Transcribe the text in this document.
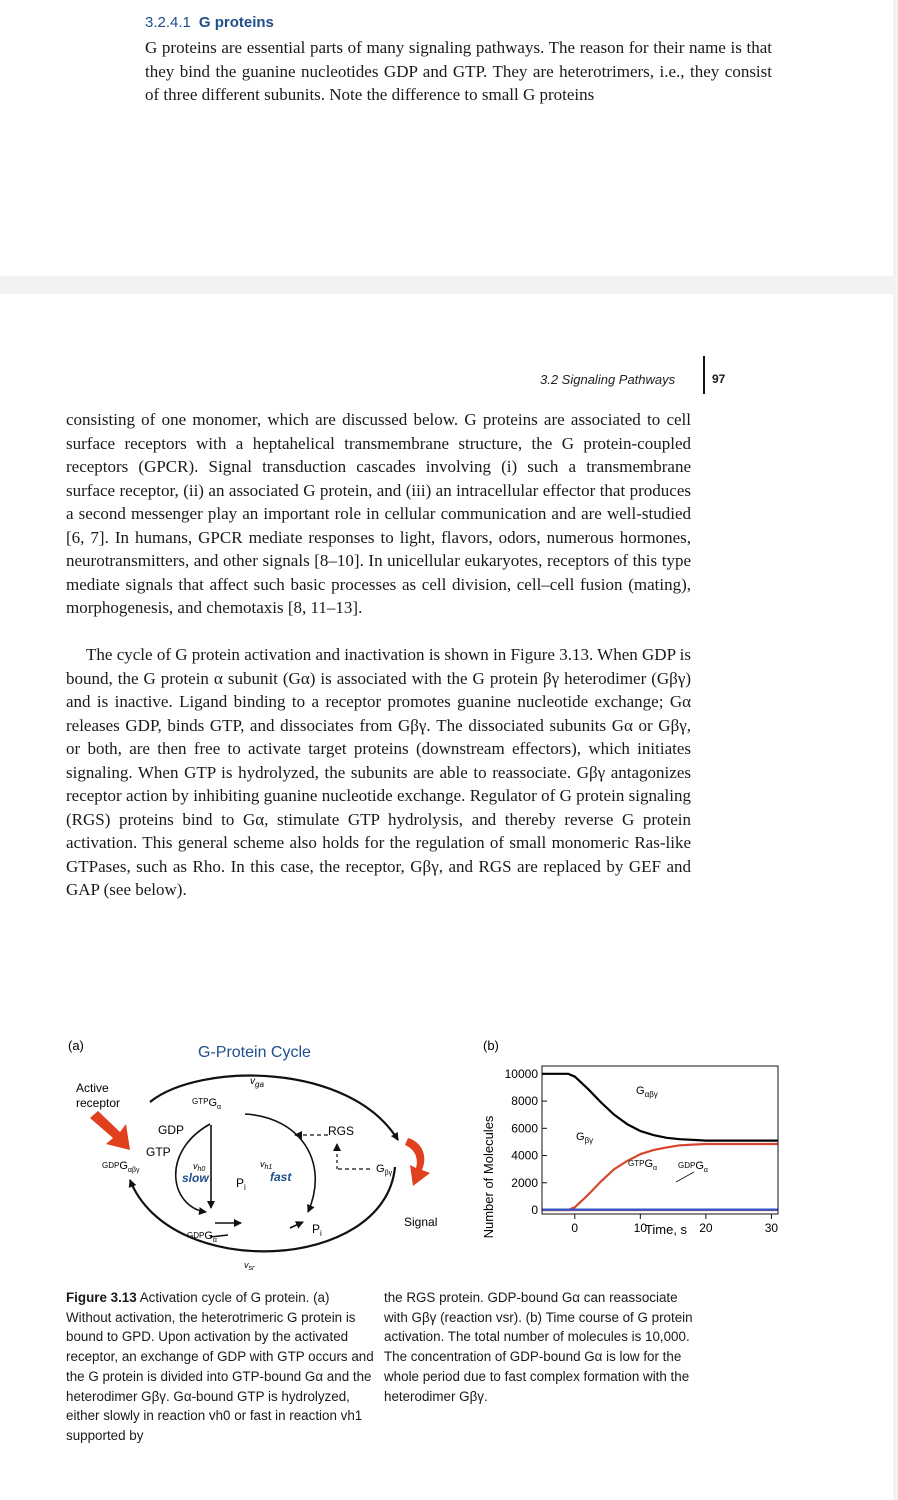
3.2.4.1 G proteins

G proteins are essential parts of many signaling pathways. The reason for their name is that they bind the guanine nucleotides GDP and GTP. They are heterotrimers, i.e., they consist of three different subunits. Note the difference to small G proteins

3.2 Signaling Pathways	97

consisting of one monomer, which are discussed below. G proteins are associated to cell surface receptors with a heptahelical transmembrane structure, the G protein-coupled receptors (GPCR). Signal transduction cascades involving (i) such a transmembrane surface receptor, (ii) an associated G protein, and (iii) an intracellular effector that produces a second messenger play an important role in cellular communication and are well-studied [6, 7]. In humans, GPCR mediate responses to light, flavors, odors, numerous hormones, neurotransmitters, and other signals [8–10]. In unicellular eukaryotes, receptors of this type mediate signals that affect such basic processes as cell division, cell–cell fusion (mating), morphogenesis, and chemotaxis [8, 11–13].

The cycle of G protein activation and inactivation is shown in Figure 3.13. When GDP is bound, the G protein α subunit (Gα) is associated with the G protein βγ heterodimer (Gβγ) and is inactive. Ligand binding to a receptor promotes guanine nucleotide exchange; Gα releases GDP, binds GTP, and dissociates from Gβγ. The dissociated subunits Gα or Gβγ, or both, are then free to activate target proteins (downstream effectors), which initiates signaling. When GTP is hydrolyzed, the subunits are able to reassociate. Gβγ antagonizes receptor action by inhibiting guanine nucleotide exchange. Regulator of G protein signaling (RGS) proteins bind to Gα, stimulate GTP hydrolysis, and thereby reverse G protein activation. This general scheme also holds for the regulation of small monomeric Ras-like GTPases, such as Rho. In this case, the receptor, Gβγ, and RGS are replaced by GEF and GAP (see below).

(a)	G-Protein Cycle
Active
receptor
$v_{ga}$
GTPGα
GDP
GTP
GDPGαβγ	$v_{h0}$
slow $P_i$
$v_{h1}$
fast
RGS
$G_{\beta\gamma}$
$P_i$
Signal
GDPGα
$v_{sr}$
(b)
Number of Molecules	Time, s
0
2000
4000
6000
8000
10000
0	10	20	30
$G_{\alpha\beta\gamma}$
$G_{\beta\gamma}$
GTPGα	GDPGα

Figure 3.13 Activation cycle of G protein. (a) Without activation, the heterotrimeric G protein is bound to GPD. Upon activation by the activated receptor, an exchange of GDP with GTP occurs and the G protein is divided into GTP-bound Gα and the heterodimer Gβγ. Gα-bound GTP is hydrolyzed, either slowly in reaction vh0 or fast in reaction vh1 supported by

the RGS protein. GDP-bound Gα can reassociate with Gβγ (reaction vsr). (b) Time course of G protein activation. The total number of molecules is 10,000. The concentration of GDP-bound Gα is low for the whole period due to fast complex formation with the heterodimer Gβγ.
